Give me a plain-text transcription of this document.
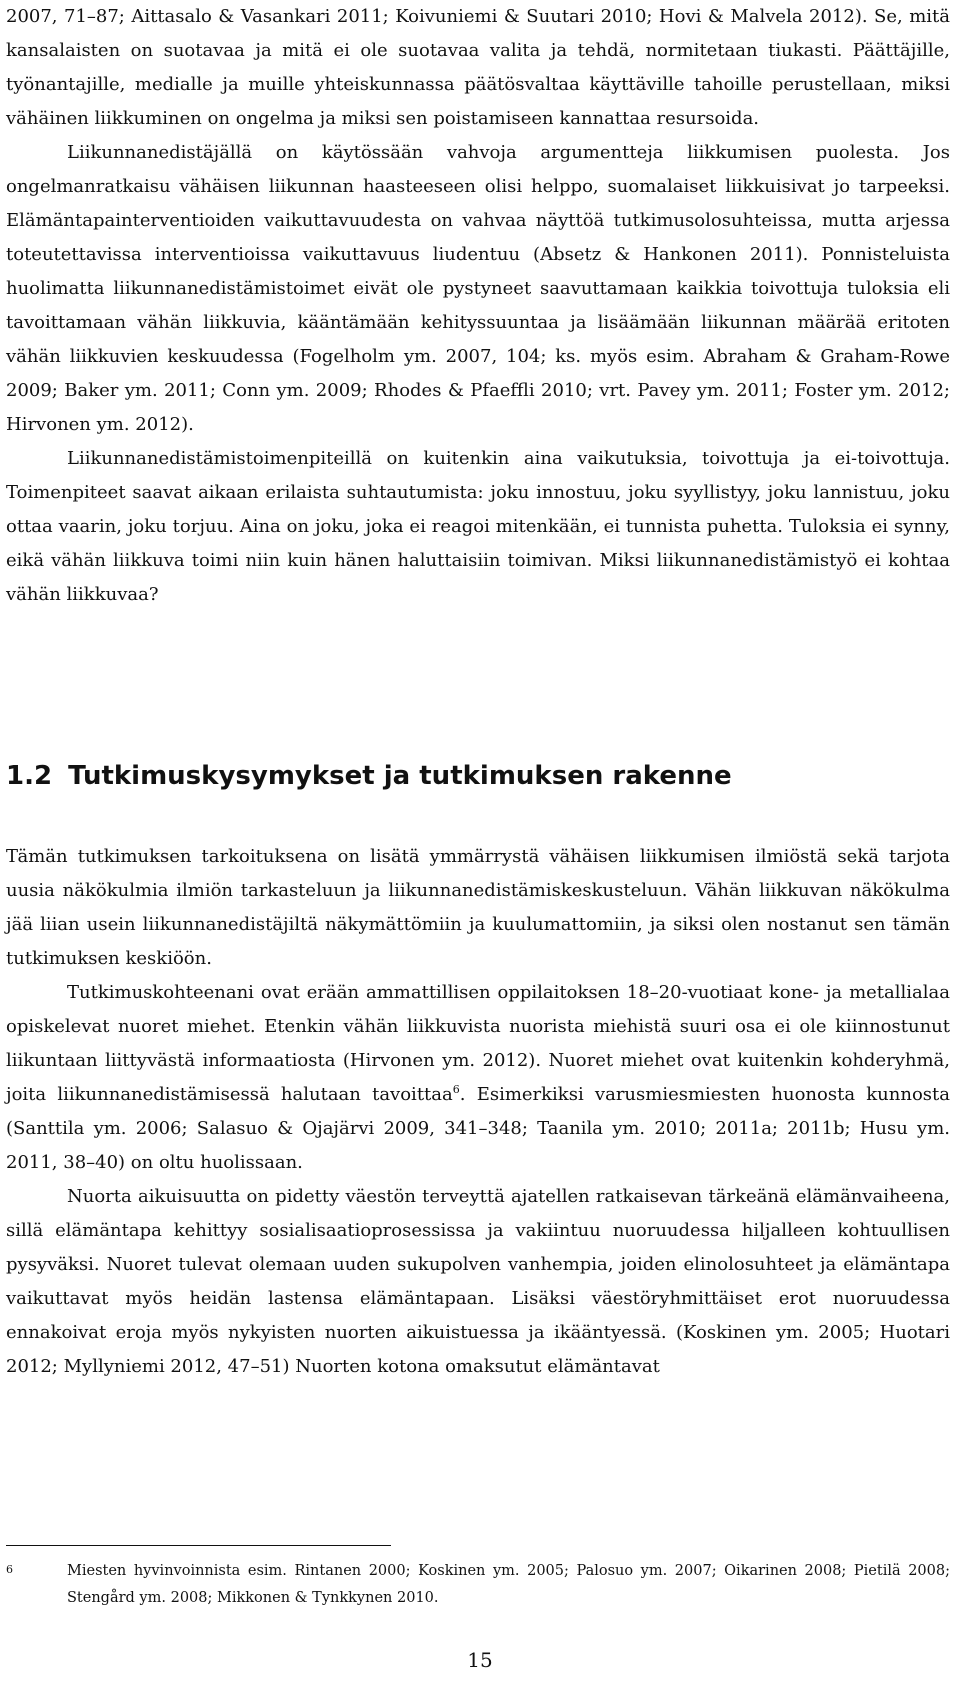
2007, 71–87; Aittasalo & Vasankari 2011; Koivuniemi & Suutari 2010; Hovi & Malvela 2012). Se, mitä kansalaisten on suotavaa ja mitä ei ole suotavaa valita ja tehdä, normitetaan tiukasti. Päättäjille, työnantajille, medialle ja muille yhteiskunnassa päätösvaltaa käyttäville tahoille perustellaan, miksi vähäinen liikkuminen on ongelma ja miksi sen poistamiseen kannattaa resursoida.

Liikunnanedistäjällä on käytössään vahvoja argumentteja liikkumisen puolesta. Jos ongelmanratkaisu vähäisen liikunnan haasteeseen olisi helppo, suomalaiset liikkuisivat jo tarpeeksi. Elämäntapainterventioiden vaikuttavuudesta on vahvaa näyttöä tutkimusolosuhteissa, mutta arjessa toteutettavissa interventioissa vaikuttavuus liudentuu (Absetz & Hankonen 2011). Ponnisteluista huolimatta liikunnanedistämistoimet eivät ole pystyneet saavuttamaan kaikkia toivottuja tuloksia eli tavoittamaan vähän liikkuvia, kääntämään kehityssuuntaa ja lisäämään liikunnan määrää eritoten vähän liikkuvien keskuudessa (Fogelholm ym. 2007, 104; ks. myös esim. Abraham & Graham-Rowe 2009; Baker ym. 2011; Conn ym. 2009; Rhodes & Pfaeffli 2010; vrt. Pavey ym. 2011; Foster ym. 2012; Hirvonen ym. 2012).

Liikunnanedistämistoimenpiteillä on kuitenkin aina vaikutuksia, toivottuja ja ei-toivottuja. Toimenpiteet saavat aikaan erilaista suhtautumista: joku innostuu, joku syyllistyy, joku lannistuu, joku ottaa vaarin, joku torjuu. Aina on joku, joka ei reagoi mitenkään, ei tunnista puhetta. Tuloksia ei synny, eikä vähän liikkuva toimi niin kuin hänen haluttaisiin toimivan. Miksi liikunnanedistämistyö ei kohtaa vähän liikkuvaa?

1.2 Tutkimuskysymykset ja tutkimuksen rakenne

Tämän tutkimuksen tarkoituksena on lisätä ymmärrystä vähäisen liikkumisen ilmiöstä sekä tarjota uusia näkökulmia ilmiön tarkasteluun ja liikunnanedistämiskeskusteluun. Vähän liikkuvan näkökulma jää liian usein liikunnanedistäjiltä näkymättömiin ja kuulumattomiin, ja siksi olen nostanut sen tämän tutkimuksen keskiöön.

Tutkimuskohteenani ovat erään ammattillisen oppilaitoksen 18–20-vuotiaat kone- ja metallialaa opiskelevat nuoret miehet. Etenkin vähän liikkuvista nuorista miehistä suuri osa ei ole kiinnostunut liikuntaan liittyvästä informaatiosta (Hirvonen ym. 2012). Nuoret miehet ovat kuitenkin kohderyhmä, joita liikunnanedistämisessä halutaan tavoittaa$^6$. Esimerkiksi varusmiesmiesten huonosta kunnosta (Santtila ym. 2006; Salasuo & Ojajärvi 2009, 341–348; Taanila ym. 2010; 2011a; 2011b; Husu ym. 2011, 38–40) on oltu huolissaan.

Nuorta aikuisuutta on pidetty väestön terveyttä ajatellen ratkaisevan tärkeänä elämänvaiheena, sillä elämäntapa kehittyy sosialisaatioprosessissa ja vakiintuu nuoruudessa hiljalleen kohtuullisen pysyväksi. Nuoret tulevat olemaan uuden sukupolven vanhempia, joiden elinolosuhteet ja elämäntapa vaikuttavat myös heidän lastensa elämäntapaan. Lisäksi väestöryhmittäiset erot nuoruudessa ennakoivat eroja myös nykyisten nuorten aikuistuessa ja ikääntyessä. (Koskinen ym. 2005; Huotari 2012; Myllyniemi 2012, 47–51) Nuorten kotona omaksutut elämäntavat

6	Miesten hyvinvoinnista esim. Rintanen 2000; Koskinen ym. 2005; Palosuo ym. 2007; Oikarinen 2008; Pietilä 2008; Stengård ym. 2008; Mikkonen & Tynkkynen 2010.
15
